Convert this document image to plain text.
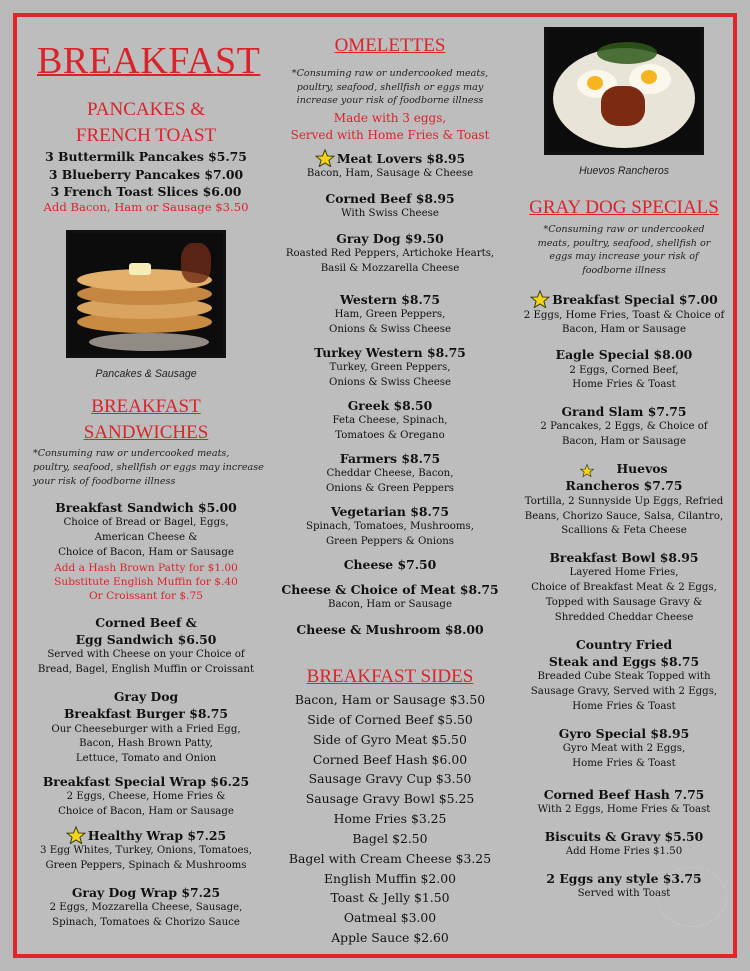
BREAKFAST
PANCAKES &
FRENCH TOAST
3 Buttermilk Pancakes $5.75
3 Blueberry Pancakes $7.00
3 French Toast Slices $6.00
Add Bacon, Ham or Sausage $3.50
Pancakes & Sausage
BREAKFAST SANDWICHES
*Consuming raw or undercooked meats, poultry, seafood, shellfish or eggs may increase your risk of foodborne illness
Breakfast Sandwich $5.00
Choice of Bread or Bagel, Eggs,
American Cheese &
Choice of Bacon, Ham or Sausage
Add a Hash Brown Patty for $1.00
Substitute English Muffin for $.40
Or Croissant for $.75
Corned Beef &
Egg Sandwich $6.50
Served with Cheese on your Choice of
Bread, Bagel, English Muffin or Croissant
Gray Dog
Breakfast Burger $8.75
Our Cheeseburger with a Fried Egg,
Bacon, Hash Brown Patty,
Lettuce, Tomato and Onion
Breakfast Special Wrap $6.25
2 Eggs, Cheese, Home Fries &
Choice of Bacon, Ham or Sausage
Healthy Wrap $7.25
3 Egg Whites, Turkey, Onions, Tomatoes,
Green Peppers, Spinach & Mushrooms
Gray Dog Wrap $7.25
2 Eggs, Mozzarella Cheese, Sausage,
Spinach, Tomatoes & Chorizo Sauce
OMELETTES
*Consuming raw or undercooked meats, poultry, seafood, shellfish or eggs may increase your risk of foodborne illness
Made with 3 eggs,
Served with Home Fries & Toast
Meat Lovers $8.95
Bacon, Ham, Sausage & Cheese
Corned Beef $8.95
With Swiss Cheese
Gray Dog $9.50
Roasted Red Peppers, Artichoke Hearts,
Basil & Mozzarella Cheese
Western $8.75
Ham, Green Peppers,
Onions & Swiss Cheese
Turkey Western $8.75
Turkey, Green Peppers,
Onions & Swiss Cheese
Greek $8.50
Feta Cheese, Spinach,
Tomatoes & Oregano
Farmers $8.75
Cheddar Cheese, Bacon,
Onions & Green Peppers
Vegetarian $8.75
Spinach, Tomatoes, Mushrooms,
Green Peppers & Onions
Cheese $7.50
Cheese & Choice of Meat $8.75
Bacon, Ham or Sausage
Cheese & Mushroom $8.00
BREAKFAST SIDES
Bacon, Ham or Sausage $3.50
Side of Corned Beef $5.50
Side of Gyro Meat $5.50
Corned Beef Hash $6.00
Sausage Gravy Cup $3.50
Sausage Gravy Bowl $5.25
Home Fries $3.25
Bagel $2.50
Bagel with Cream Cheese $3.25
English Muffin $2.00
Toast & Jelly $1.50
Oatmeal $3.00
Apple Sauce $2.60
Huevos Rancheros
GRAY DOG SPECIALS
*Consuming raw or undercooked meats, poultry, seafood, shellfish or eggs may increase your risk of foodborne illness
Breakfast Special $7.00
2 Eggs, Home Fries, Toast & Choice of
Bacon, Ham or Sausage
Eagle Special $8.00
2 Eggs, Corned Beef,
Home Fries & Toast
Grand Slam $7.75
2 Pancakes, 2 Eggs, & Choice of
Bacon, Ham or Sausage
Huevos
Rancheros $7.75
Tortilla, 2 Sunnyside Up Eggs, Refried
Beans, Chorizo Sauce, Salsa, Cilantro,
Scallions & Feta Cheese
Breakfast Bowl $8.95
Layered Home Fries,
Choice of Breakfast Meat & 2 Eggs,
Topped with Sausage Gravy &
Shredded Cheddar Cheese
Country Fried
Steak and Eggs $8.75
Breaded Cube Steak Topped with
Sausage Gravy, Served with 2 Eggs,
Home Fries & Toast
Gyro Special $8.95
Gyro Meat with 2 Eggs,
Home Fries & Toast
Corned Beef Hash 7.75
With 2 Eggs, Home Fries & Toast
Biscuits & Gravy $5.50
Add Home Fries $1.50
2 Eggs any style $3.75
Served with Toast
